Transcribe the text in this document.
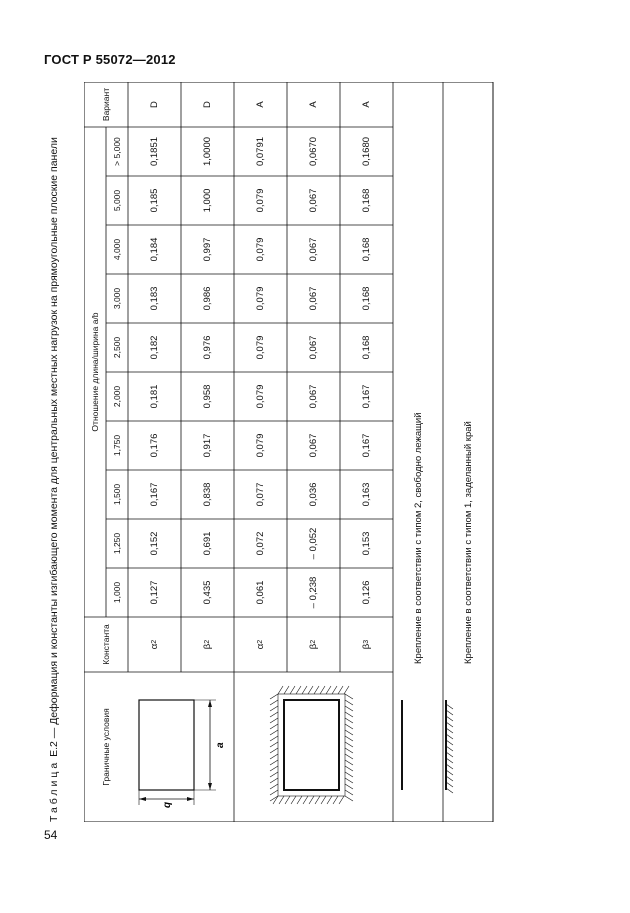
ГОСТ Р 55072—2012
54
Таблица Е.2 — Деформация и константы изгибающего момента для центральных местных нагрузок на прямоугольные плоские панели
q
a
Граничные условия
Константа
Отношение длина/ширина a/b
Вариант
1,000
1,250
1,500
1,750
2,000
2,500
3,000
4,000
5,000
> 5,000
α
2
0,127
0,152
0,167
0,176
0,181
0,182
0,183
0,184
0,185
0,1851
D
β
2
0,435
0,691
0,838
0,917
0,958
0,976
0,986
0,997
1,000
1,0000
D
α
2
0,061
0,072
0,077
0,079
0,079
0,079
0,079
0,079
0,079
0,0791
A
β
2
– 0,238
– 0,052
0,036
0,067
0,067
0,067
0,067
0,067
0,067
0,0670
A
β
3
0,126
0,153
0,163
0,167
0,167
0,168
0,168
0,168
0,168
0,1680
A
Крепление в соответствии с типом 2, свободно лежащий	Крепление в соответствии с типом 1, заделанный край
